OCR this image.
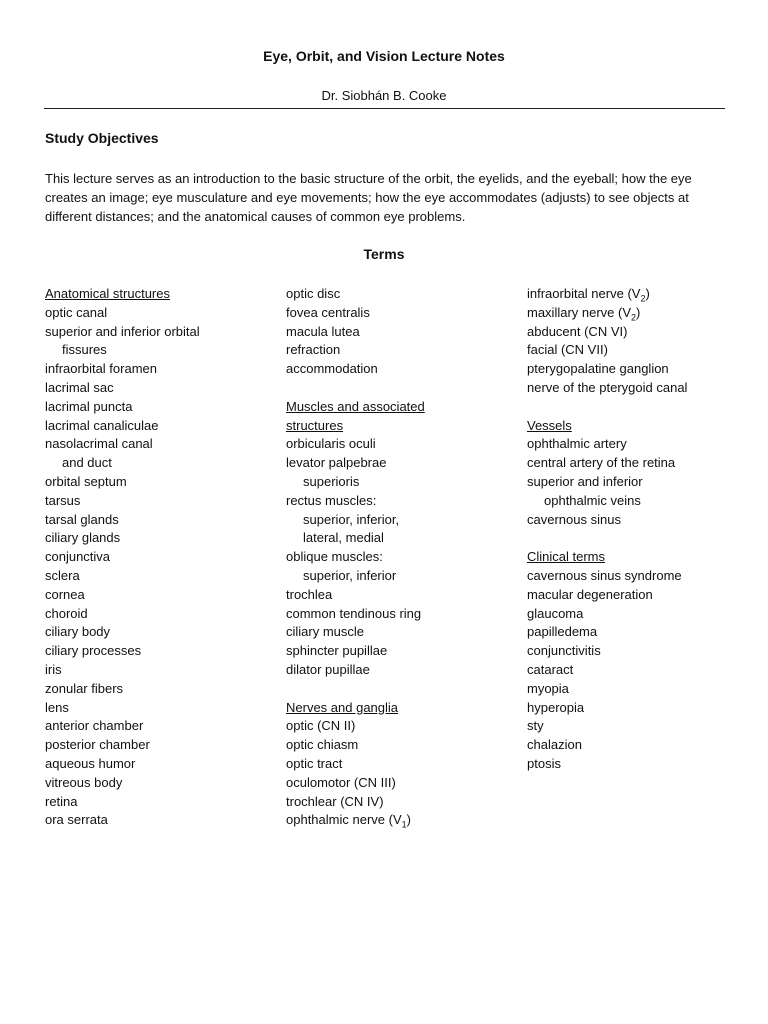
Eye, Orbit, and Vision Lecture Notes
Dr. Siobhán B. Cooke
Study Objectives
This lecture serves as an introduction to the basic structure of the orbit, the eyelids, and the eyeball; how the eye creates an image; eye musculature and eye movements; how the eye accommodates (adjusts) to see objects at different distances; and the anatomical causes of common eye problems.
Terms
Anatomical structures
optic canal
superior and inferior orbital
fissures
infraorbital foramen
lacrimal sac
lacrimal puncta
lacrimal canaliculae
nasolacrimal canal
and duct
orbital septum
tarsus
tarsal glands
ciliary glands
conjunctiva
sclera
cornea
choroid
ciliary body
ciliary processes
iris
zonular fibers
lens
anterior chamber
posterior chamber
aqueous humor
vitreous body
retina
ora serrata
optic disc
fovea centralis
macula lutea
refraction
accommodation
Muscles and associated
structures
orbicularis oculi
levator palpebrae
superioris
rectus muscles:
superior, inferior,
lateral, medial
oblique muscles:
superior, inferior
trochlea
common tendinous ring
ciliary muscle
sphincter pupillae
dilator pupillae
Nerves and ganglia
optic (CN II)
optic chiasm
optic tract
oculomotor (CN III)
trochlear (CN IV)
ophthalmic nerve $(V_1)$
infraorbital nerve $(V_2)$
maxillary nerve $(V_2)$
abducent (CN VI)
facial (CN VII)
pterygopalatine ganglion
nerve of the pterygoid canal
Vessels
ophthalmic artery
central artery of the retina
superior and inferior
ophthalmic veins
cavernous sinus
Clinical terms
cavernous sinus syndrome
macular degeneration
glaucoma
papilledema
conjunctivitis
cataract
myopia
hyperopia
sty
chalazion
ptosis
